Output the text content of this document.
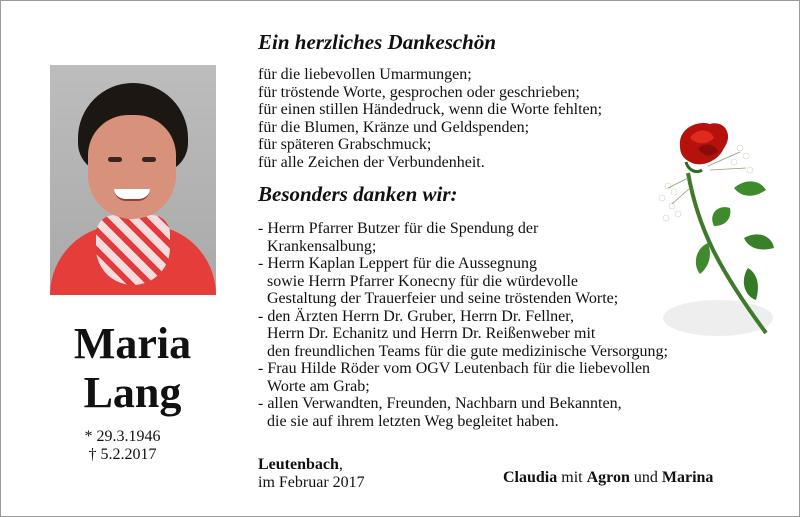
Maria
Lang
* 29.3.1946
† 5.2.2017
Ein herzliches Dankeschön
für die liebevollen Umarmungen;
für tröstende Worte, gesprochen oder geschrieben;
für einen stillen Händedruck, wenn die Worte fehlten;
für die Blumen, Kränze und Geldspenden;
für späteren Grabschmuck;
für alle Zeichen der Verbundenheit.
Besonders danken wir:
- Herrn Pfarrer Butzer für die Spendung der
Krankensalbung;
- Herrn Kaplan Leppert für die Aussegnung
sowie Herrn Pfarrer Konecny für die würdevolle
Gestaltung der Trauerfeier und seine tröstenden Worte;
- den Ärzten Herrn Dr. Gruber, Herrn Dr. Fellner,
Herrn Dr. Echanitz und Herrn Dr. Reißenweber mit
den freundlichen Teams für die gute medizinische Versorgung;
- Frau Hilde Röder vom OGV Leutenbach für die liebevollen
Worte am Grab;
- allen Verwandten, Freunden, Nachbarn und Bekannten,
die sie auf ihrem letzten Weg begleitet haben.
Leutenbach,
im Februar 2017	Claudia mit Agron und Marina
